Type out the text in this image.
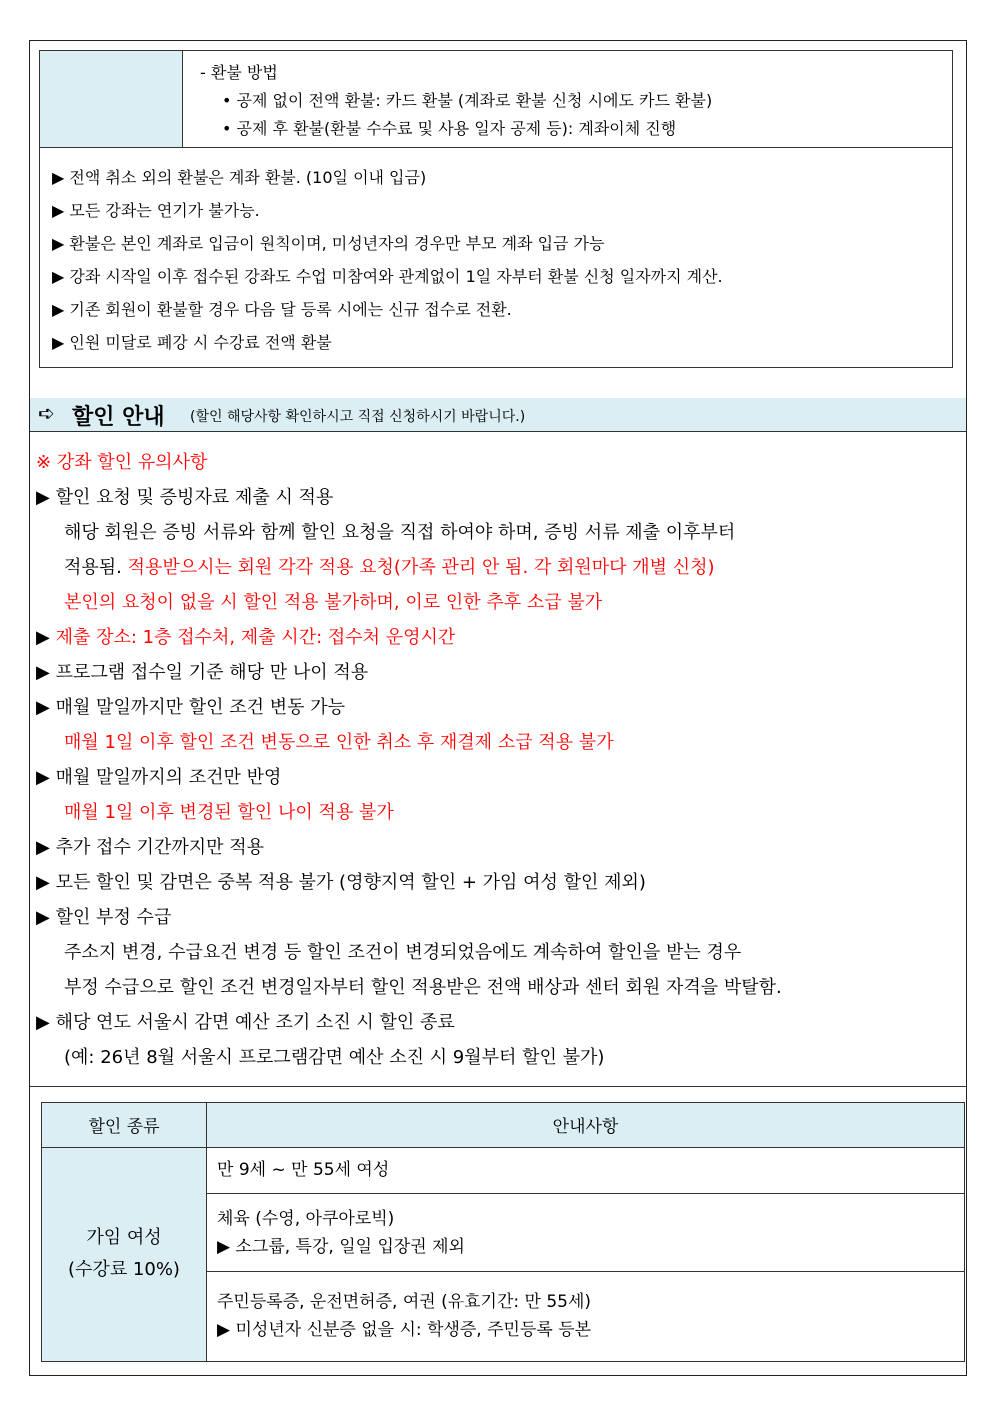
- 환불 방법
• 공제 없이 전액 환불: 카드 환불 (계좌로 환불 신청 시에도 카드 환불)
• 공제 후 환불(환불 수수료 및 사용 일자 공제 등): 계좌이체 진행
▶ 전액 취소 외의 환불은 계좌 환불. (10일 이내 입금)
▶ 모든 강좌는 연기가 불가능.
▶ 환불은 본인 계좌로 입금이 원칙이며, 미성년자의 경우만 부모 계좌 입금 가능
▶ 강좌 시작일 이후 접수된 강좌도 수업 미참여와 관계없이 1일 자부터 환불 신청 일자까지 계산.
▶ 기존 회원이 환불할 경우 다음 달 등록 시에는 신규 접수로 전환.
▶ 인원 미달로 폐강 시 수강료 전액 환불
➪ 할인 안내 (할인 해당사항 확인하시고 직접 신청하시기 바랍니다.)
※ 강좌 할인 유의사항
▶ 할인 요청 및 증빙자료 제출 시 적용
해당 회원은 증빙 서류와 함께 할인 요청을 직접 하여야 하며, 증빙 서류 제출 이후부터
적용됨. 적용받으시는 회원 각각 적용 요청(가족 관리 안 됨. 각 회원마다 개별 신청)
본인의 요청이 없을 시 할인 적용 불가하며, 이로 인한 추후 소급 불가
▶ 제출 장소: 1층 접수처, 제출 시간: 접수처 운영시간
▶ 프로그램 접수일 기준 해당 만 나이 적용
▶ 매월 말일까지만 할인 조건 변동 가능
매월 1일 이후 할인 조건 변동으로 인한 취소 후 재결제 소급 적용 불가
▶ 매월 말일까지의 조건만 반영
매월 1일 이후 변경된 할인 나이 적용 불가
▶ 추가 접수 기간까지만 적용
▶ 모든 할인 및 감면은 중복 적용 불가 (영향지역 할인 + 가임 여성 할인 제외)
▶ 할인 부정 수급
주소지 변경, 수급요건 변경 등 할인 조건이 변경되었음에도 계속하여 할인을 받는 경우
부정 수급으로 할인 조건 변경일자부터 할인 적용받은 전액 배상과 센터 회원 자격을 박탈함.
▶ 해당 연도 서울시 감면 예산 조기 소진 시 할인 종료
(예: 26년 8월 서울시 프로그램감면 예산 소진 시 9월부터 할인 불가)
할인 종류	안내사항

가임 여성
(수강료 10%)	만 9세 ~ 만 55세 여성

	체육 (수영, 아쿠아로빅)
▶ 소그룹, 특강, 일일 입장권 제외

	주민등록증, 운전면허증, 여권 (유효기간: 만 55세)
▶ 미성년자 신분증 없을 시: 학생증, 주민등록 등본
